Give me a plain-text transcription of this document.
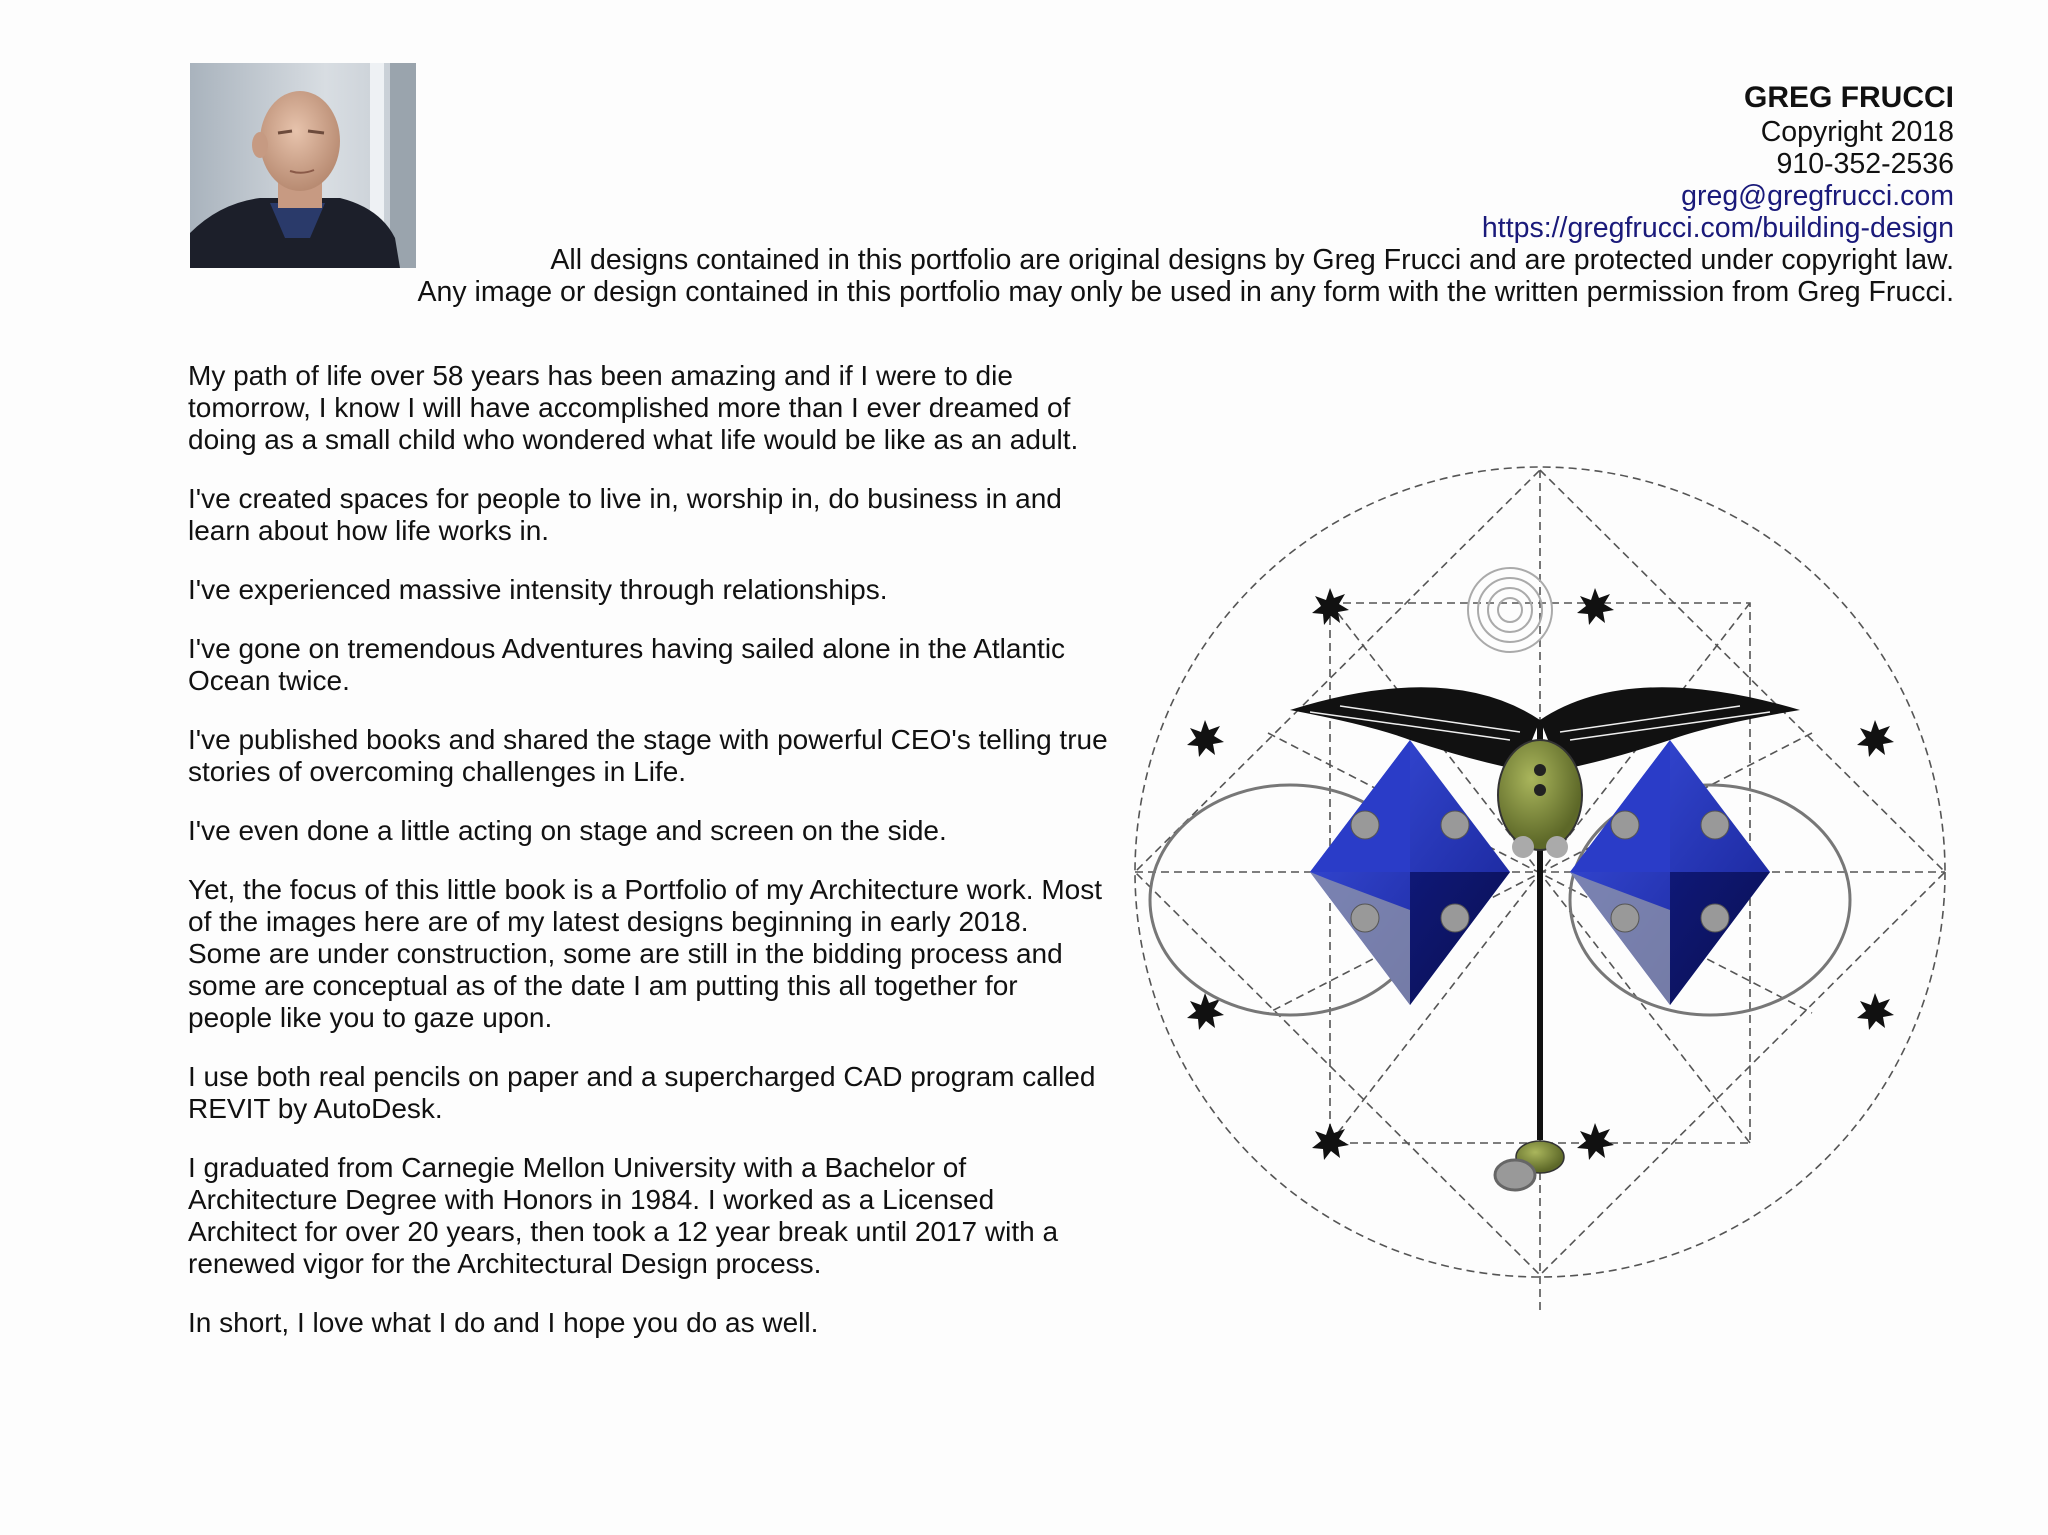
GREG FRUCCI
Copyright 2018
910-352-2536
greg@gregfrucci.com
https://gregfrucci.com/building-design
All designs contained in this portfolio are original designs by Greg Frucci and are protected under copyright law.
Any image or design contained in this portfolio may only be used in any form with the written permission from Greg Frucci.

My path of life over 58 years has been amazing and if I were to die tomorrow, I know I will have accomplished more than I ever dreamed of doing as a small child who wondered what life would be like as an adult.

I've created spaces for people to live in, worship in, do business in and learn about how life works in.

I've experienced massive intensity through relationships.

I've gone on tremendous Adventures having sailed alone in the Atlantic Ocean twice.

I've published books and shared the stage with powerful CEO's telling true stories of overcoming challenges in Life.

I've even done a little acting on stage and screen on the side.

Yet, the focus of this little book is a Portfolio of my Architecture work. Most of the images here are of my latest designs beginning in early 2018. Some are under construction, some are still in the bidding process and some are conceptual as of the date I am putting this all together for people like you to gaze upon.

I use both real pencils on paper and a supercharged CAD program called REVIT by AutoDesk.

I graduated from Carnegie Mellon University with a Bachelor of Architecture Degree with Honors in 1984. I worked as a Licensed Architect for over 20 years, then took a 12 year break until 2017 with a renewed vigor for the Architectural Design process.

In short, I love what I do and I hope you do as well.
